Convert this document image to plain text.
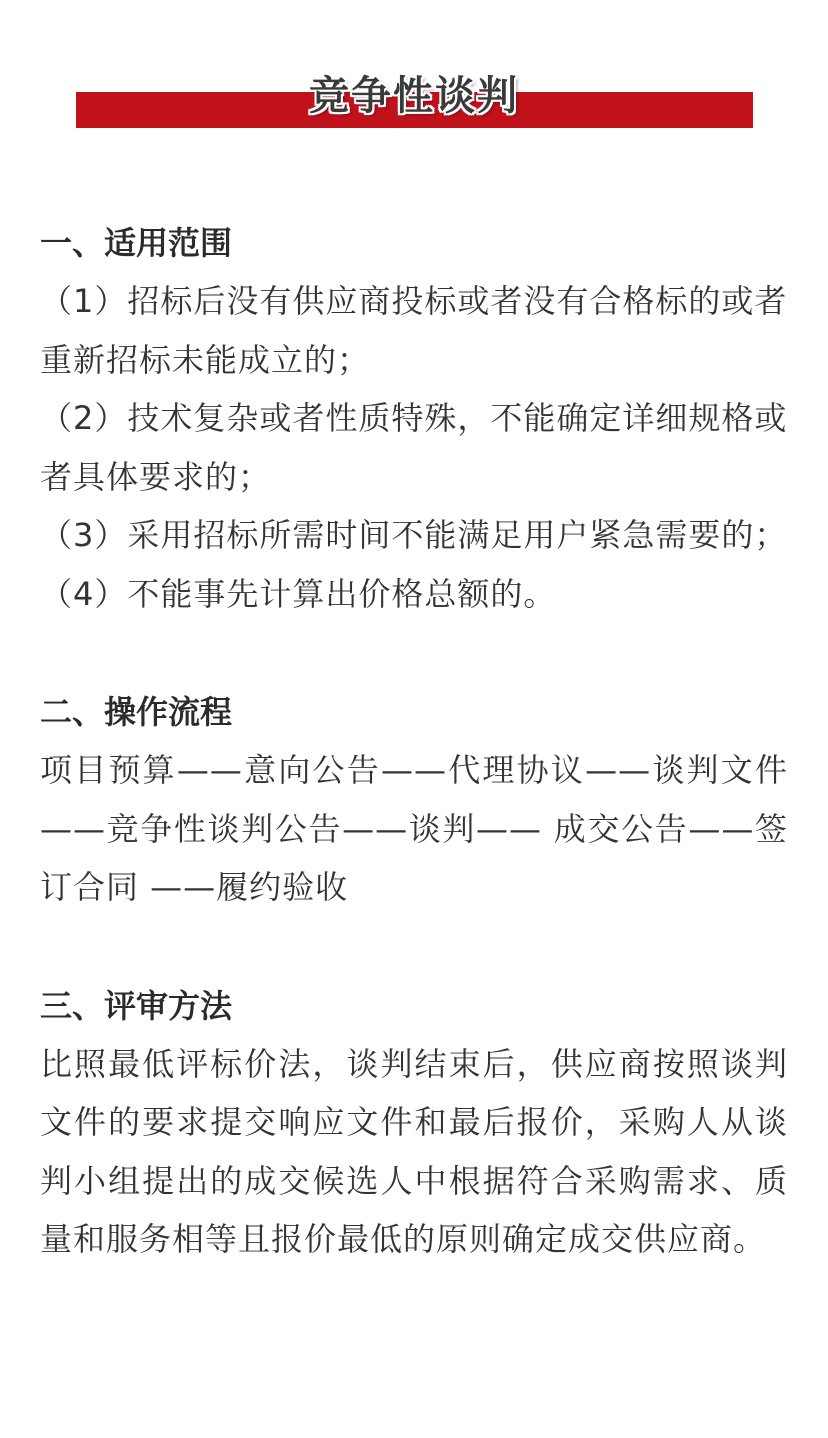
竞争性谈判

一、适用范围

（1）招标后没有供应商投标或者没有合格标的或者重新招标未能成立的；

（2）技术复杂或者性质特殊，不能确定详细规格或者具体要求的；

（3）采用招标所需时间不能满足用户紧急需要的；

（4）不能事先计算出价格总额的。

二、操作流程

项目预算——意向公告——代理协议——谈判文件——竞争性谈判公告——谈判—— 成交公告——签订合同 ——履约验收

三、评审方法

比照最低评标价法，谈判结束后，供应商按照谈判文件的要求提交响应文件和最后报价，采购人从谈判小组提出的成交候选人中根据符合采购需求、质量和服务相等且报价最低的原则确定成交供应商。
